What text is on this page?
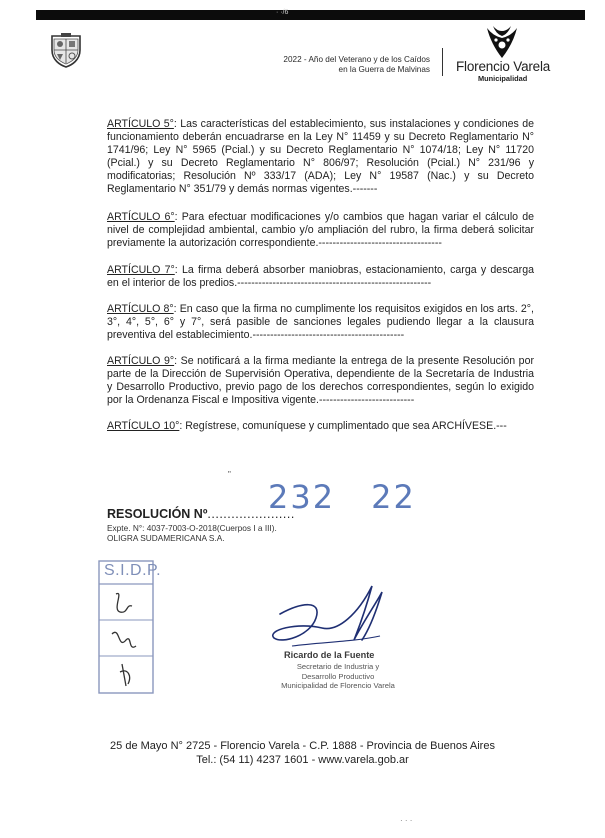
· ·/6
2022 - Año del Veterano y de los Caídos
en la Guerra de Malvinas Florencio Varela
Municipalidad

ARTÍCULO 5°: Las características del establecimiento, sus instalaciones y condiciones de funcionamiento deberán encuadrarse en la Ley N° 11459 y su Decreto Reglamentario N° 1741/96; Ley N° 5965 (Pcial.) y su Decreto Reglamentario N° 1074/18; Ley N° 11720 (Pcial.) y su Decreto Reglamentario N° 806/97; Resolución (Pcial.) N° 231/96 y modificatorias; Resolución Nº 333/17 (ADA); Ley N° 19587 (Nac.) y su Decreto Reglamentario N° 351/79 y demás normas vigentes.-------

ARTÍCULO 6°: Para efectuar modificaciones y/o cambios que hagan variar el cálculo de nivel de complejidad ambiental, cambio y/o ampliación del rubro, la firma deberá solicitar previamente la autorización correspondiente.-----------------------------------

ARTÍCULO 7°: La firma deberá absorber maniobras, estacionamiento, carga y descarga en el interior de los predios.-------------------------------------------------------

ARTÍCULO 8°: En caso que la firma no cumplimente los requisitos exigidos en los arts. 2°, 3°, 4°, 5°, 6° y 7°, será pasible de sanciones legales pudiendo llegar a la clausura preventiva del establecimiento.-------------------------------------------

ARTÍCULO 9°: Se notificará a la firma mediante la entrega de la presente Resolución por parte de la Dirección de Supervisión Operativa, dependiente de la Secretaría de Industria y Desarrollo Productivo, previo pago de los derechos correspondientes, según lo exigido por la Ordenanza Fiscal e Impositiva vigente.---------------------------

ARTÍCULO 10°: Regístrese, comuníquese y cumplimentado que sea ARCHÍVESE.---

"
232 22
RESOLUCIÓN Nº......................
Expte. N°: 4037-7003-O-2018(Cuerpos I a III).
OLIGRA SUDAMERICANA S.A.
S.I.D.P.
Ricardo de la Fuente
Secretario de Industria y
Desarrollo Productivo
Municipalidad de Florencio Varela
25 de Mayo N° 2725 - Florencio Varela - C.P. 1888 - Provincia de Buenos Aires
Tel.: (54 11) 4237 1601 - www.varela.gob.ar
· · ·
